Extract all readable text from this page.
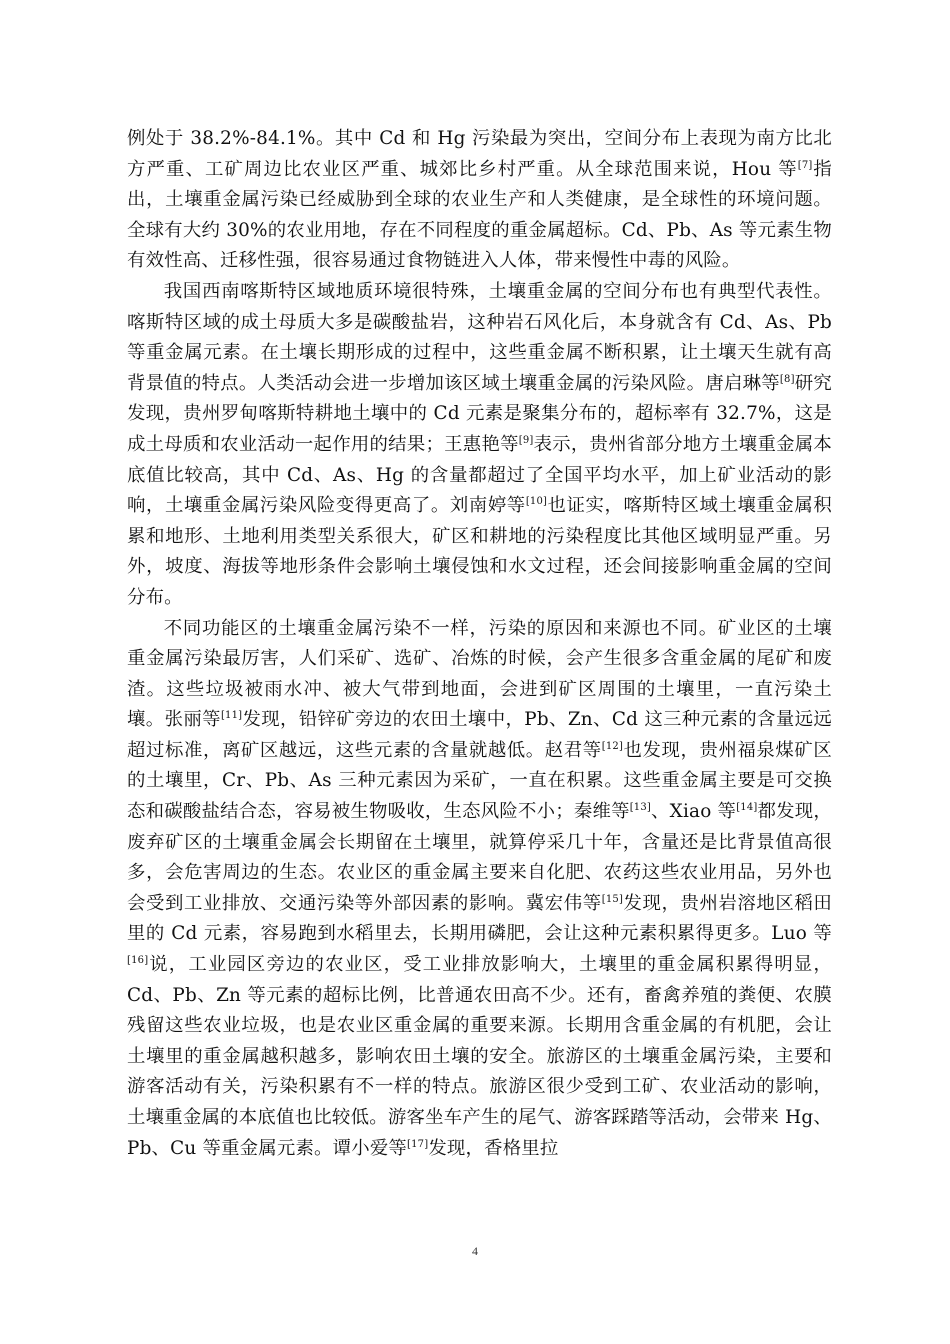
例处于 38.2%-84.1%。其中 Cd 和 Hg 污染最为突出，空间分布上表现为南方比北方严重、工矿周边比农业区严重、城郊比乡村严重。从全球范围来说，Hou 等[7]指出，土壤重金属污染已经威胁到全球的农业生产和人类健康，是全球性的环境问题。全球有大约 30%的农业用地，存在不同程度的重金属超标。Cd、Pb、As 等元素生物有效性高、迁移性强，很容易通过食物链进入人体，带来慢性中毒的风险。

我国西南喀斯特区域地质环境很特殊，土壤重金属的空间分布也有典型代表性。喀斯特区域的成土母质大多是碳酸盐岩，这种岩石风化后，本身就含有 Cd、As、Pb 等重金属元素。在土壤长期形成的过程中，这些重金属不断积累，让土壤天生就有高背景值的特点。人类活动会进一步增加该区域土壤重金属的污染风险。唐启琳等[8]研究发现，贵州罗甸喀斯特耕地土壤中的 Cd 元素是聚集分布的，超标率有 32.7%，这是成土母质和农业活动一起作用的结果；王惠艳等[9]表示，贵州省部分地方土壤重金属本底值比较高，其中 Cd、As、Hg 的含量都超过了全国平均水平，加上矿业活动的影响，土壤重金属污染风险变得更高了。刘南婷等[10]也证实，喀斯特区域土壤重金属积累和地形、土地利用类型关系很大，矿区和耕地的污染程度比其他区域明显严重。另外，坡度、海拔等地形条件会影响土壤侵蚀和水文过程，还会间接影响重金属的空间分布。

不同功能区的土壤重金属污染不一样，污染的原因和来源也不同。矿业区的土壤重金属污染最厉害，人们采矿、选矿、冶炼的时候，会产生很多含重金属的尾矿和废渣。这些垃圾被雨水冲、被大气带到地面，会进到矿区周围的土壤里，一直污染土壤。张丽等[11]发现，铅锌矿旁边的农田土壤中，Pb、Zn、Cd 这三种元素的含量远远超过标准，离矿区越远，这些元素的含量就越低。赵君等[12]也发现，贵州福泉煤矿区的土壤里，Cr、Pb、As 三种元素因为采矿，一直在积累。这些重金属主要是可交换态和碳酸盐结合态，容易被生物吸收，生态风险不小；秦维等[13]、Xiao 等[14]都发现，废弃矿区的土壤重金属会长期留在土壤里，就算停采几十年，含量还是比背景值高很多，会危害周边的生态。农业区的重金属主要来自化肥、农药这些农业用品，另外也会受到工业排放、交通污染等外部因素的影响。冀宏伟等[15]发现，贵州岩溶地区稻田里的 Cd 元素，容易跑到水稻里去，长期用磷肥，会让这种元素积累得更多。Luo 等[16]说，工业园区旁边的农业区，受工业排放影响大，土壤里的重金属积累得明显，Cd、Pb、Zn 等元素的超标比例，比普通农田高不少。还有，畜禽养殖的粪便、农膜残留这些农业垃圾，也是农业区重金属的重要来源。长期用含重金属的有机肥，会让土壤里的重金属越积越多，影响农田土壤的安全。旅游区的土壤重金属污染，主要和游客活动有关，污染积累有不一样的特点。旅游区很少受到工矿、农业活动的影响，土壤重金属的本底值也比较低。游客坐车产生的尾气、游客踩踏等活动，会带来 Hg、Pb、Cu 等重金属元素。谭小爱等[17]发现，香格里拉

4
